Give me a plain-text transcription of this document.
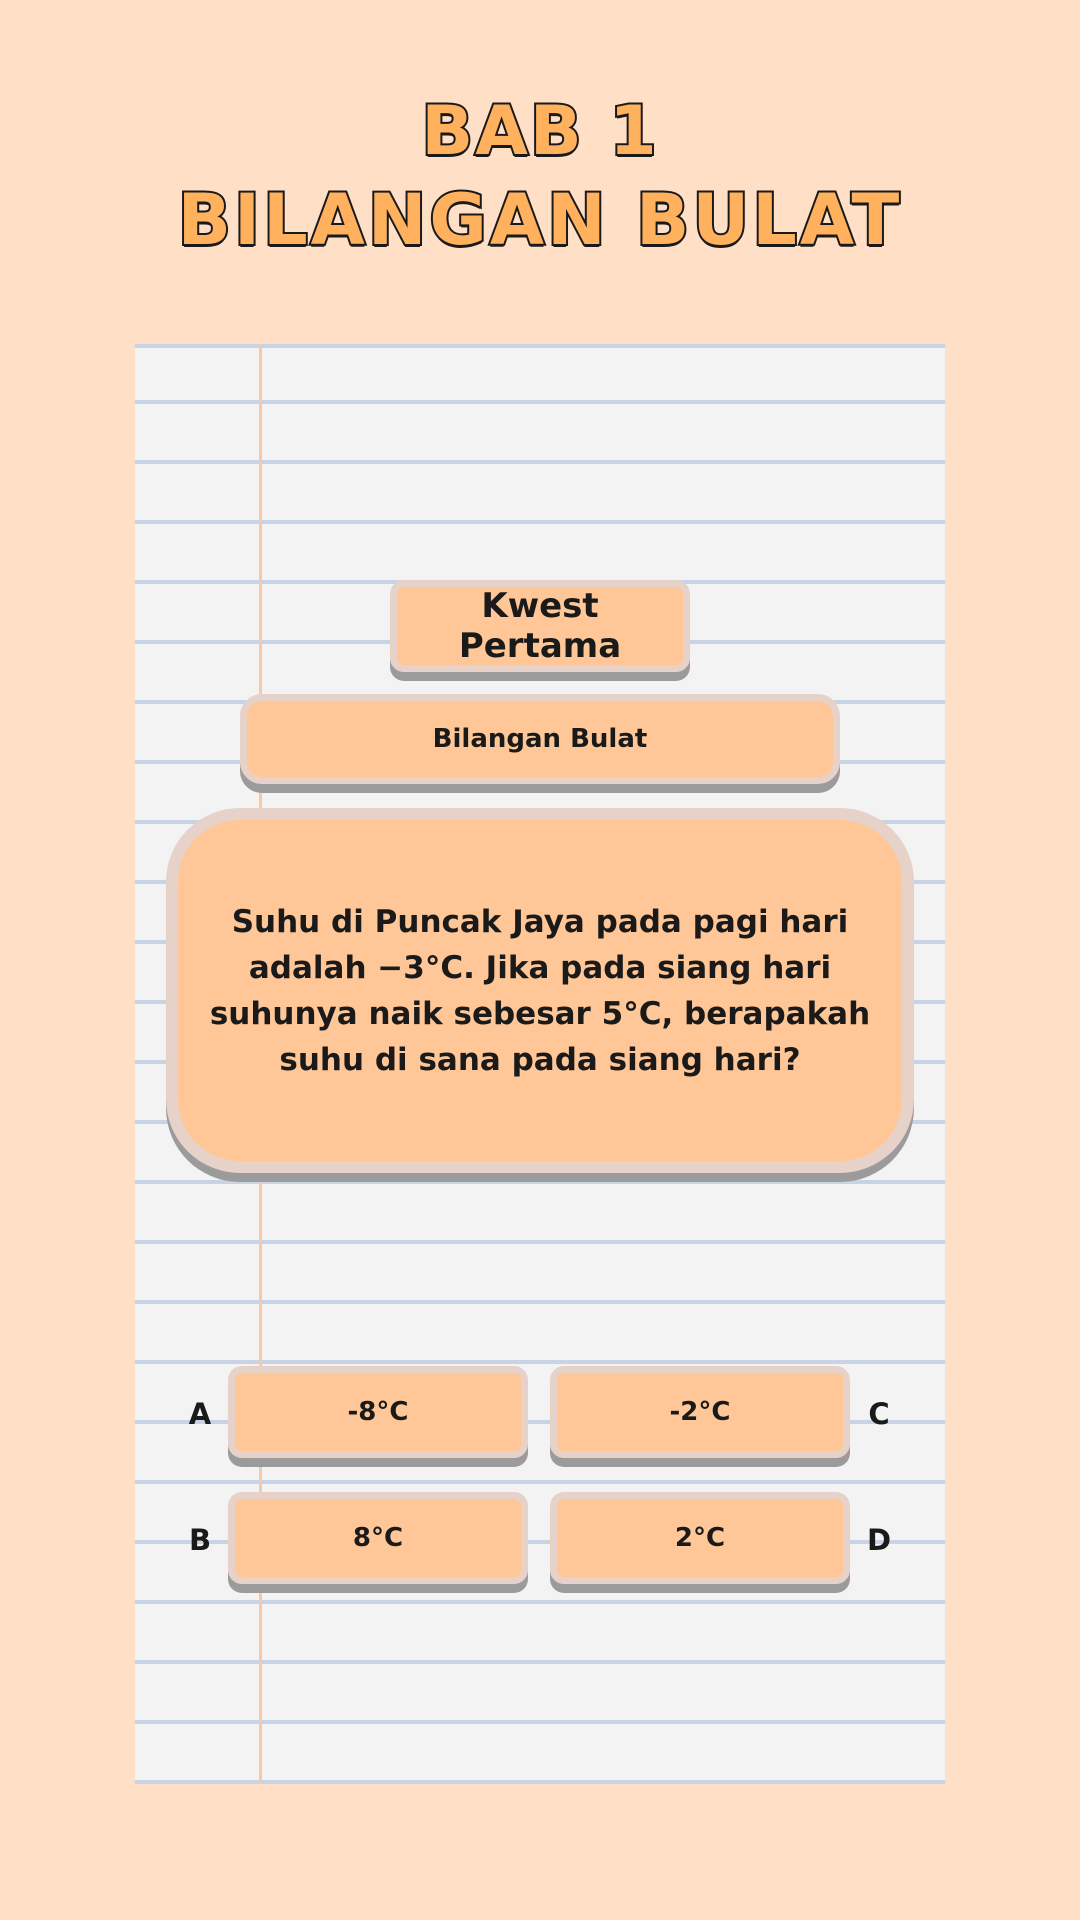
BAB 1
BILANGAN BULAT
Kwest Pertama
Bilangan Bulat
Suhu di Puncak Jaya pada pagi hari adalah −3°C. Jika pada siang hari suhunya naik sebesar 5°C, berapakah suhu di sana pada siang hari?
A	-8°C	-2°C	C
B	8°C	2°C	D
